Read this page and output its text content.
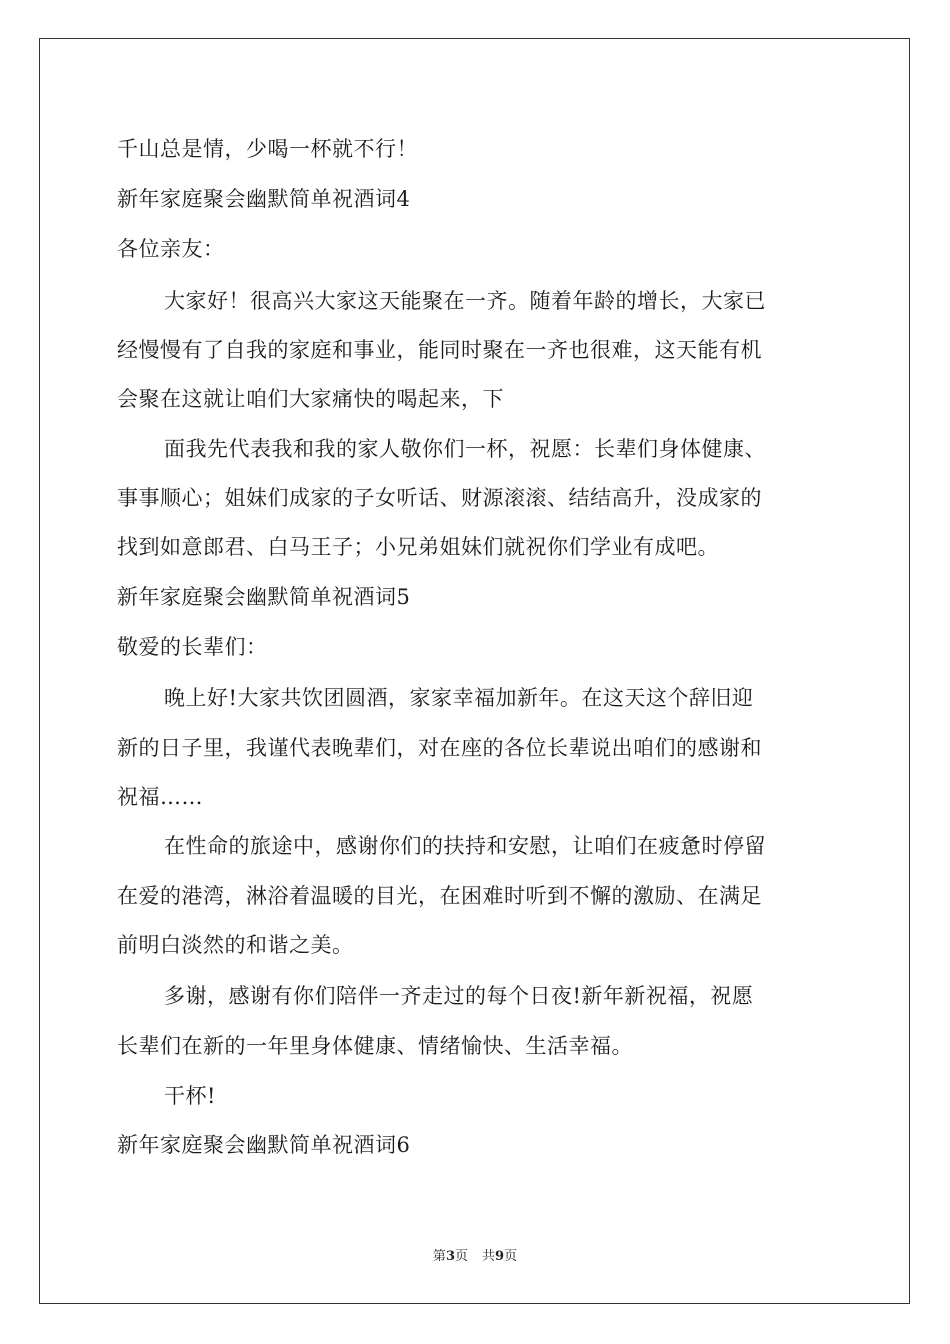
千山总是情，少喝一杯就不行！
新年家庭聚会幽默简单祝酒词4
各位亲友：
大家好！很高兴大家这天能聚在一齐。随着年龄的增长，大家已
经慢慢有了自我的家庭和事业，能同时聚在一齐也很难，这天能有机
会聚在这就让咱们大家痛快的喝起来，下
面我先代表我和我的家人敬你们一杯，祝愿：长辈们身体健康、
事事顺心；姐妹们成家的子女听话、财源滚滚、结结高升，没成家的
找到如意郎君、白马王子；小兄弟姐妹们就祝你们学业有成吧。
新年家庭聚会幽默简单祝酒词5
敬爱的长辈们：
晚上好!大家共饮团圆酒，家家幸福加新年。在这天这个辞旧迎
新的日子里，我谨代表晚辈们，对在座的各位长辈说出咱们的感谢和
祝福……
在性命的旅途中，感谢你们的扶持和安慰，让咱们在疲惫时停留
在爱的港湾，淋浴着温暖的目光，在困难时听到不懈的激励、在满足
前明白淡然的和谐之美。
多谢，感谢有你们陪伴一齐走过的每个日夜!新年新祝福，祝愿
长辈们在新的一年里身体健康、情绪愉快、生活幸福。
干杯!
新年家庭聚会幽默简单祝酒词6
第3页 共9页
